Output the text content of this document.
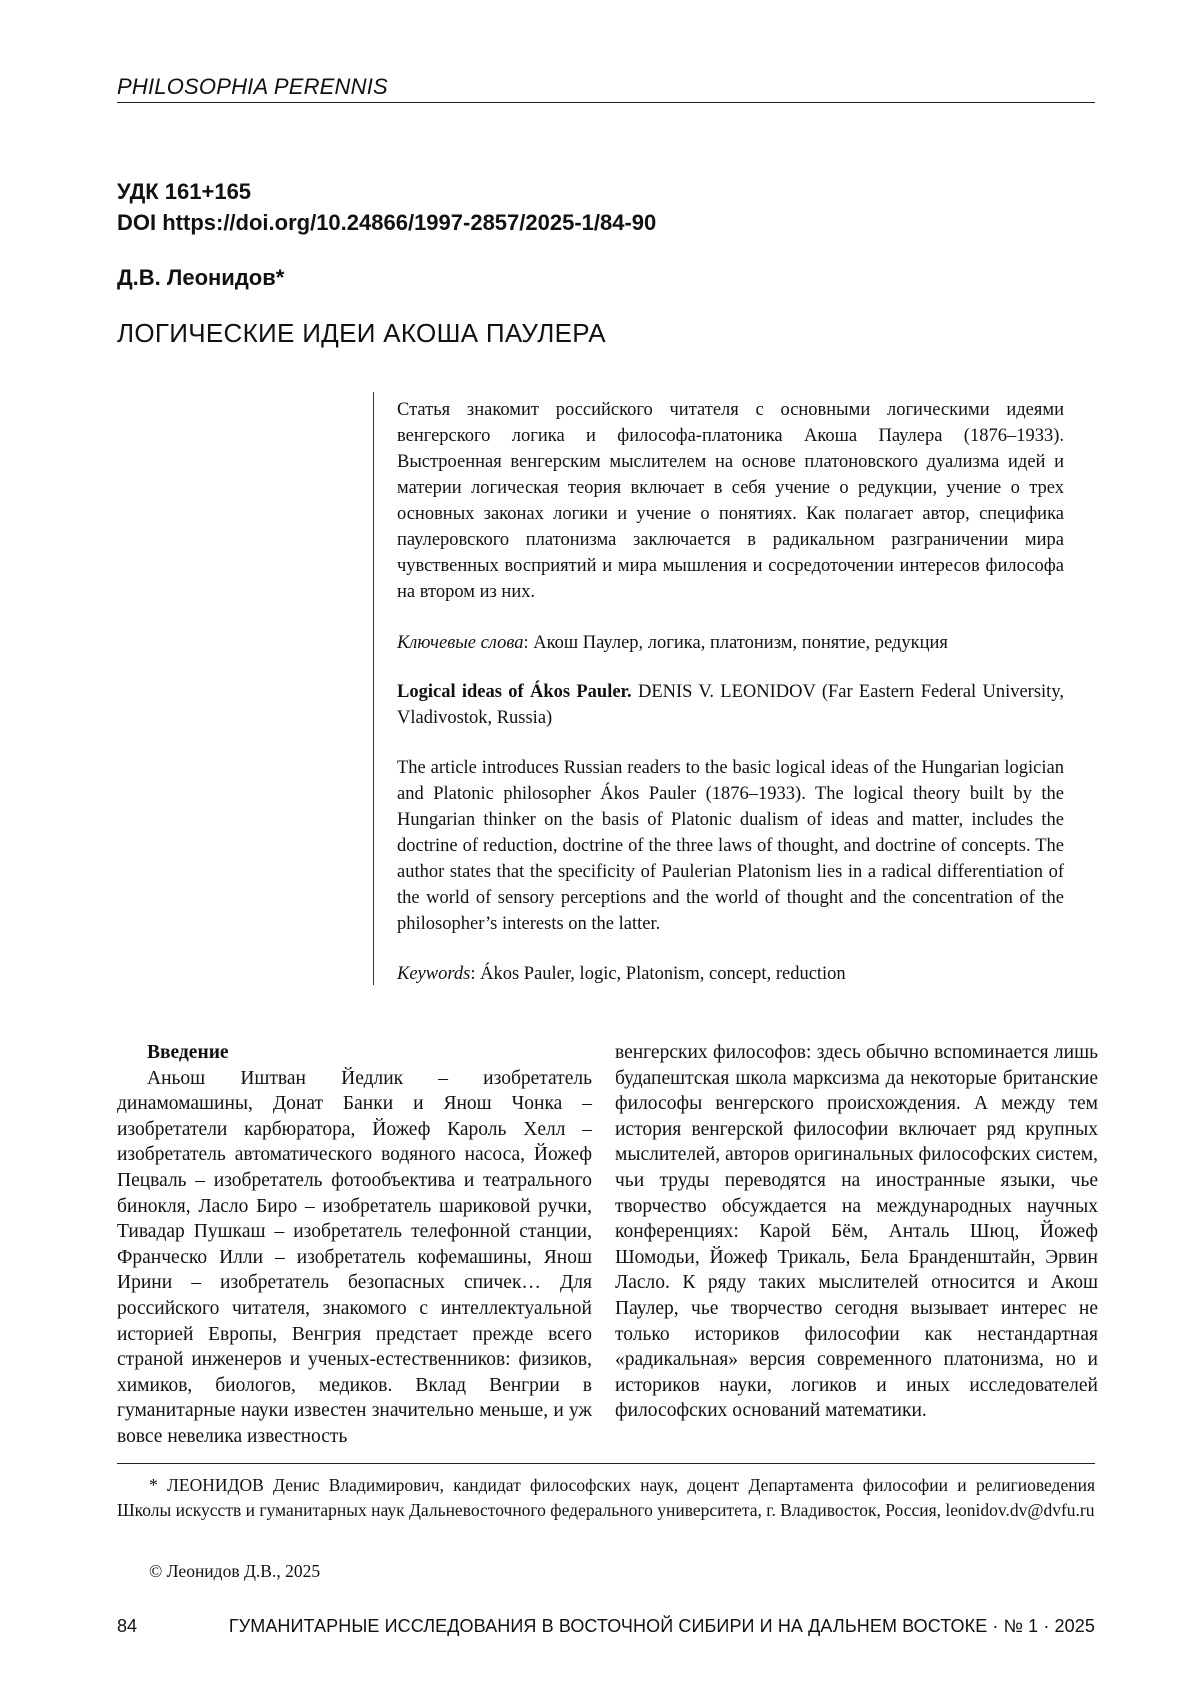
PHILOSOPHIA PERENNIS
УДК 161+165
DOI https://doi.org/10.24866/1997-2857/2025-1/84-90
Д.В. Леонидов*
ЛОГИЧЕСКИЕ ИДЕИ АКОША ПАУЛЕРА

Статья знакомит российского читателя с основными логическими идеями венгерского логика и философа-платоника Акоша Паулера (1876–1933). Выстроенная венгерским мыслителем на основе платоновского дуализма идей и материи логическая теория включает в себя учение о редукции, учение о трех основных законах логики и учение о понятиях. Как полагает автор, специфика паулеровского платонизма заключается в радикальном разграничении мира чувственных восприятий и мира мышления и сосредоточении интересов философа на втором из них.

Ключевые слова: Акош Паулер, логика, платонизм, понятие, редукция

Logical ideas of Ákos Pauler. DENIS V. LEONIDOV (Far Eastern Federal University, Vladivostok, Russia)

The article introduces Russian readers to the basic logical ideas of the Hungarian logician and Platonic philosopher Ákos Pauler (1876–1933). The logical theory built by the Hungarian thinker on the basis of Platonic dualism of ideas and matter, includes the doctrine of reduction, doctrine of the three laws of thought, and doctrine of concepts. The author states that the specificity of Paulerian Platonism lies in a radical differentiation of the world of sensory perceptions and the world of thought and the concentration of the philosopher’s interests on the latter.

Keywords: Ákos Pauler, logic, Platonism, concept, reduction

Введение
Аньош Иштван Йедлик – изобретатель динамомашины, Донат Банки и Янош Чонка – изобретатели карбюратора, Йожеф Кароль Хелл – изобретатель автоматического водяного насоса, Йожеф Пецваль – изобретатель фотообъектива и театрального бинокля, Ласло Биро – изобретатель шариковой ручки, Тивадар Пушкаш – изобретатель телефонной станции, Франческо Илли – изобретатель кофемашины, Янош Ирини – изобретатель безопасных спичек… Для российского читателя, знакомого с интеллектуальной историей Европы, Венгрия предстает прежде всего страной инженеров и ученых-естественников: физиков, химиков, биологов, медиков. Вклад Венгрии в гуманитарные науки известен значительно меньше, и уж вовсе невелика известность

венгерских философов: здесь обычно вспоминается лишь будапештская школа марксизма да некоторые британские философы венгерского происхождения. А между тем история венгерской философии включает ряд крупных мыслителей, авторов оригинальных философских систем, чьи труды переводятся на иностранные языки, чье творчество обсуждается на международных научных конференциях: Карой Бём, Анталь Шюц, Йожеф Шомодьи, Йожеф Трикаль, Бела Бранденштайн, Эрвин Ласло. К ряду таких мыслителей относится и Акош Паулер, чье творчество сегодня вызывает интерес не только историков философии как нестандартная «радикальная» версия современного платонизма, но и историков науки, логиков и иных исследователей философских оснований математики.

* ЛЕОНИДОВ Денис Владимирович, кандидат философских наук, доцент Департамента философии и религиоведения Школы искусств и гуманитарных наук Дальневосточного федерального университета, г. Владивосток, Россия, leonidov.dv@dvfu.ru

© Леонидов Д.В., 2025
84	ГУМАНИТАРНЫЕ ИССЛЕДОВАНИЯ В ВОСТОЧНОЙ СИБИРИ И НА ДАЛЬНЕМ ВОСТОКЕ · № 1 · 2025
